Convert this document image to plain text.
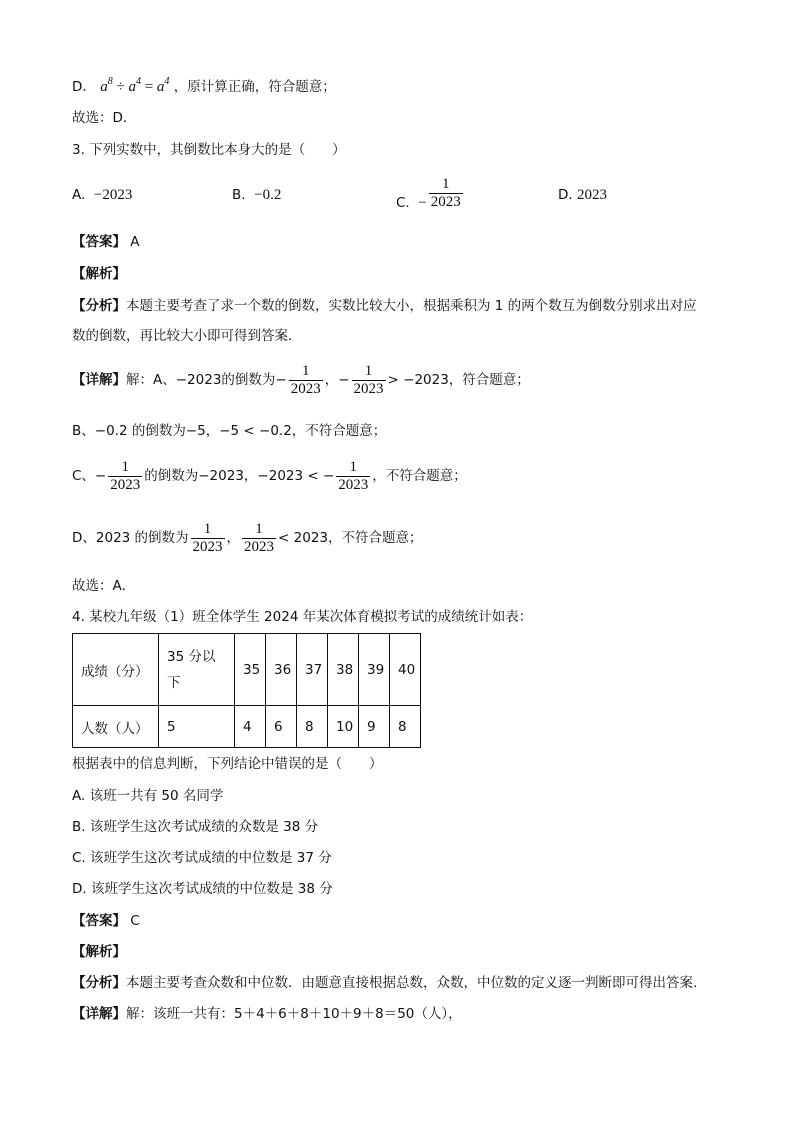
D． $a^8 \div a^4 = a^4$ ，原计算正确，符合题意；
故选：D．
3. 下列实数中，其倒数比本身大的是（　　）
A. −2023	B. −0.2	C. − $\frac{1}{2023}$	D. 2023
【答案】 A
【解析】
【分析】本题主要考查了求一个数的倒数，实数比较大小，根据乘积为 1 的两个数互为倒数分别求出对应
数的倒数，再比较大小即可得到答案．
【详解】解：A、−2023的倒数为− $\frac{1}{2023}$ ，− $\frac{1}{2023} > -2023$，符合题意；
B、−0.2 的倒数为−5，−5 < −0.2，不符合题意；
C、− $\frac{1}{2023}$ 的倒数为−2023，−2023 < − $\frac{1}{2023}$ ，不符合题意；
D、2023 的倒数为 $\frac{1}{2023}$ ， $\frac{1}{2023} < 2023$，不符合题意；
故选：A．
4. 某校九年级（1）班全体学生 2024 年某次体育模拟考试的成绩统计如表：
成绩（分）	35 分以
下	35	36	37	38	39	40
人数（人）	5	4	6	8	10	9	8
根据表中的信息判断，下列结论中错误的是（　　）
A. 该班一共有 50 名同学
B. 该班学生这次考试成绩的众数是 38 分
C. 该班学生这次考试成绩的中位数是 37 分
D. 该班学生这次考试成绩的中位数是 38 分
【答案】 C
【解析】
【分析】本题主要考查众数和中位数．由题意直接根据总数，众数，中位数的定义逐一判断即可得出答案.
【详解】解：该班一共有：5＋4＋6＋8＋10＋9＋8＝50（人），
